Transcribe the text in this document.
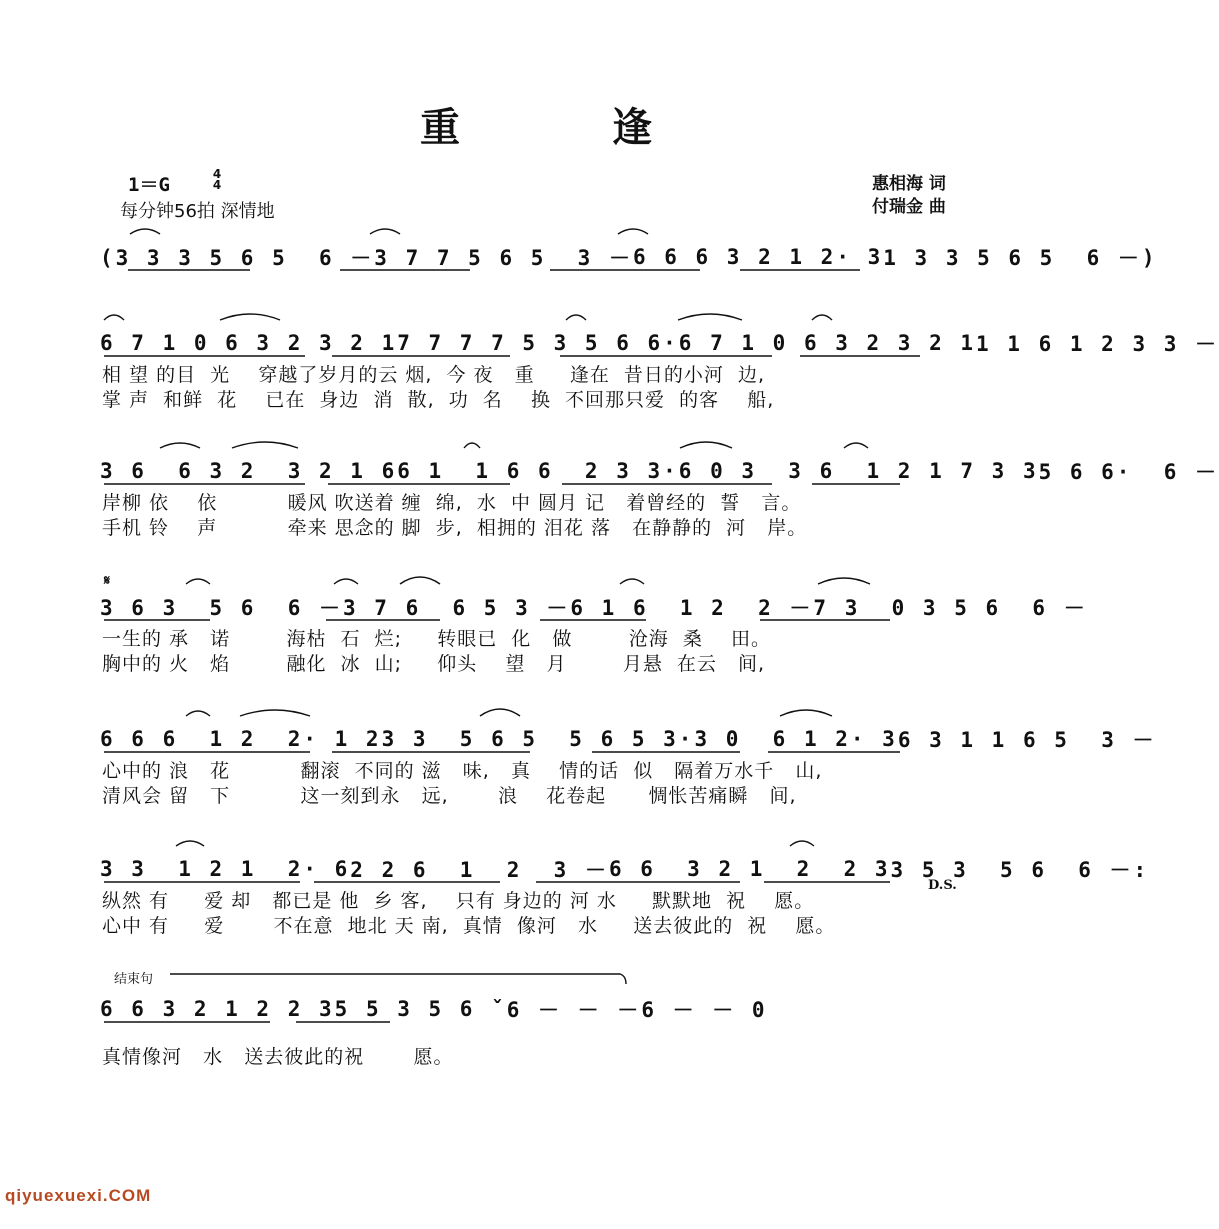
重　逢
1＝G	4
4
每分钟56拍 深情地
惠相海 词
付瑞金 曲
(3 3 3 5 6 5  6 － 3 7 7 5 6 5  3 － 6 6 6 3 2 1 2· 3 1 3 3 5 6 5  6 －)
6 7 1 0 6 3 2 3 2 1 7 7 7 7 5 3 5 6 6· 6 7 1 0 6 3 2 3 2 1 1 1 6 1 2 3 3 －
相 望 的目  光    穿越了岁月的云 烟,  今 夜   重     逢在  昔日的小河  边,
掌 声  和鲜  花    已在  身边  消  散,  功  名    换  不回那只爱  的客    船,
3 6  6 3 2  3 2 1 6 6 1  1 6 6  2 3 3· 6 0 3  3 6  1 2 1 7 3 3 5 6 6·  6 －
岸柳 依    依          暖风 吹送着 缠  绵,  水  中 圆月 记   着曾经的  誓   言。
手机 铃    声          牵来 思念的 脚  步,  相拥的 泪花 落   在静静的  河   岸。
𝄋
3 6 3  5 6  6 － 3 7 6  6 5 3 － 6 1 6  1 2  2 － 7 3  0 3 5 6  6 －
一生的 承   诺        海枯  石  烂;     转眼已  化   做        沧海  桑    田。
胸中的 火   焰        融化  冰  山;     仰头    望   月        月悬  在云   间,
6 6 6  1 2  2· 1 2 3 3  5 6 5  5 6 5 3· 3 0  6 1 2· 3 6 3 1 1 6 5  3 －
心中的 浪   花          翻滚  不同的 滋   味,   真    情的话  似   隔着万水千   山,
清风会 留   下          这一刻到永   远,       浪    花卷起      惆怅苦痛瞬   间,
3 3  1 2 1  2· 6 2 2 6  1  2  3 － 6 6  3 2 1  2  2 3 3 5 3  5 6  6 －:
纵然 有     爱 却   都已是 他  乡 客,    只有 身边的 河 水     默默地  祝    愿。
心中 有     爱       不在意  地北 天 南,  真情  像河   水     送去彼此的  祝    愿。
D.S.
结束句
6 6 3 2 1 2 2 3 5 5 3 5 6 ˇ 6 － － － 6 － － 0
真情像河   水   送去彼此的祝       愿。
qiyuexuexi.COM
